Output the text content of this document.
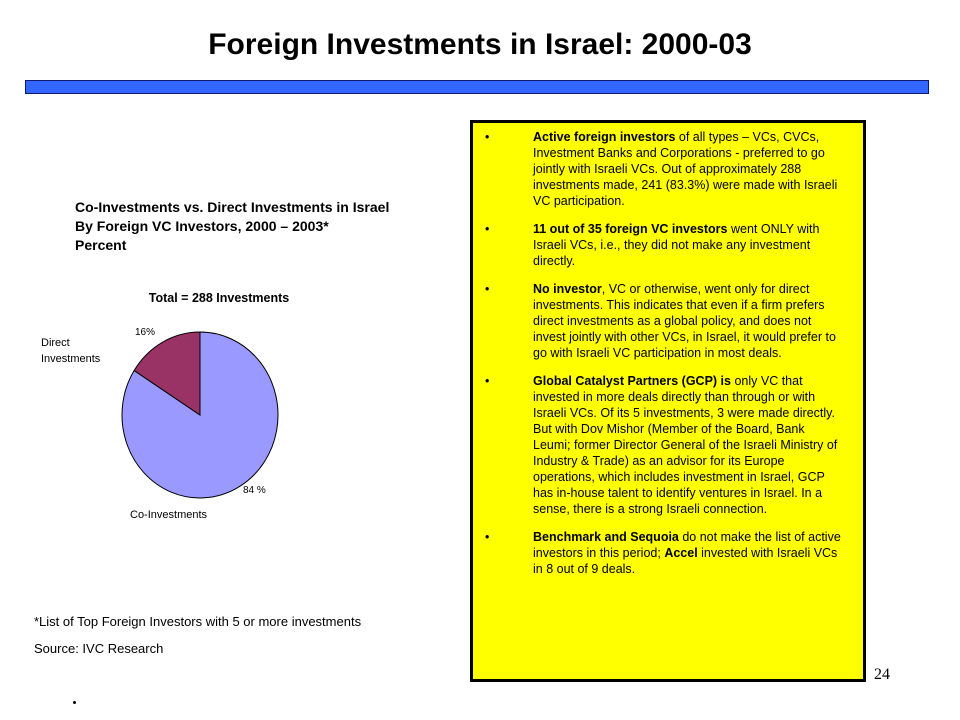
Foreign Investments in Israel: 2000-03
Co-Investments vs. Direct Investments in Israel
By Foreign VC Investors, 2000 – 2003*
Percent
Total = 288 Investments
Direct
Investments
16%
84 %
Co-Investments
*List of Top Foreign Investors with 5 or more investments
Source: IVC Research
•	Active foreign investors of all types – VCs, CVCs, Investment Banks and Corporations - preferred to go jointly with Israeli VCs. Out of approximately 288 investments made, 241 (83.3%) were made with Israeli VC participation.
•	11 out of 35 foreign VC investors went ONLY with Israeli VCs, i.e., they did not make any investment directly.
•	No investor, VC or otherwise, went only for direct investments. This indicates that even if a firm prefers direct investments as a global policy, and does not invest jointly with other VCs, in Israel, it would prefer to go with Israeli VC participation in most deals.
•	Global Catalyst Partners (GCP) is only VC that invested in more deals directly than through or with Israeli VCs. Of its 5 investments, 3 were made directly. But with Dov Mishor (Member of the Board, Bank Leumi; former Director General of the Israeli Ministry of Industry & Trade) as an advisor for its Europe operations, which includes investment in Israel, GCP has in-house talent to identify ventures in Israel. In a sense, there is a strong Israeli connection.
•	Benchmark and Sequoia do not make the list of active investors in this period; Accel invested with Israeli VCs in 8 out of 9 deals.
24
